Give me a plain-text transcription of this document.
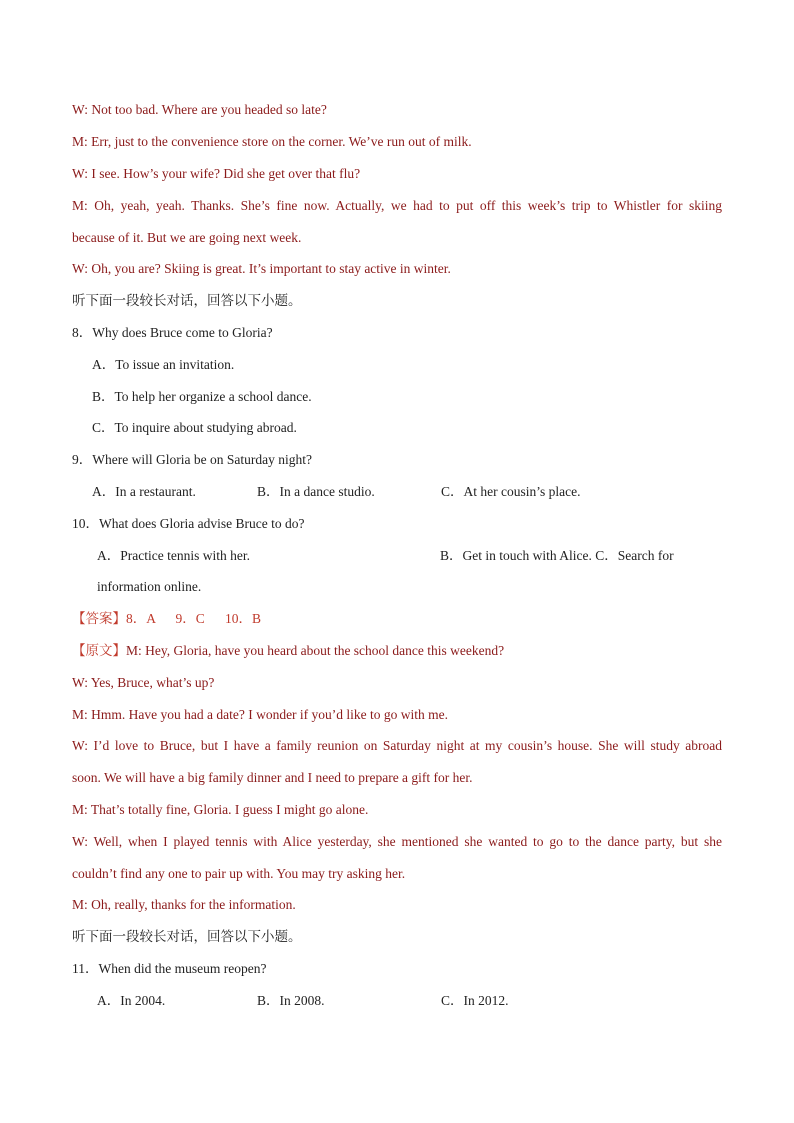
W: Not too bad. Where are you headed so late?
M: Err, just to the convenience store on the corner. We’ve run out of milk.
W: I see. How’s your wife? Did she get over that flu?
M: Oh, yeah, yeah. Thanks. She’s fine now. Actually, we had to put off this week’s trip to Whistler for skiing
because of it. But we are going next week.
W: Oh, you are? Skiing is great. It’s important to stay active in winter.
听下面一段较长对话，回答以下小题。
8．Why does Bruce come to Gloria?
A．To issue an invitation.
B．To help her organize a school dance.
C．To inquire about studying abroad.
9．Where will Gloria be on Saturday night?
A．In a restaurant.	B．In a dance studio.	C．At her cousin’s place.
10．What does Gloria advise Bruce to do?
A．Practice tennis with her.	B．Get in touch with Alice. C．Search for
information online.
【答案】8．A      9．C      10．B
【原文】M: Hey, Gloria, have you heard about the school dance this weekend?
W: Yes, Bruce, what’s up?
M: Hmm. Have you had a date? I wonder if you’d like to go with me.
W: I’d love to Bruce, but I have a family reunion on Saturday night at my cousin’s house. She will study abroad
soon. We will have a big family dinner and I need to prepare a gift for her.
M: That’s totally fine, Gloria. I guess I might go alone.
W: Well, when I played tennis with Alice yesterday, she mentioned she wanted to go to the dance party, but she
couldn’t find any one to pair up with. You may try asking her.
M: Oh, really, thanks for the information.
听下面一段较长对话，回答以下小题。
11．When did the museum reopen?
A．In 2004.	B．In 2008.	C．In 2012.
